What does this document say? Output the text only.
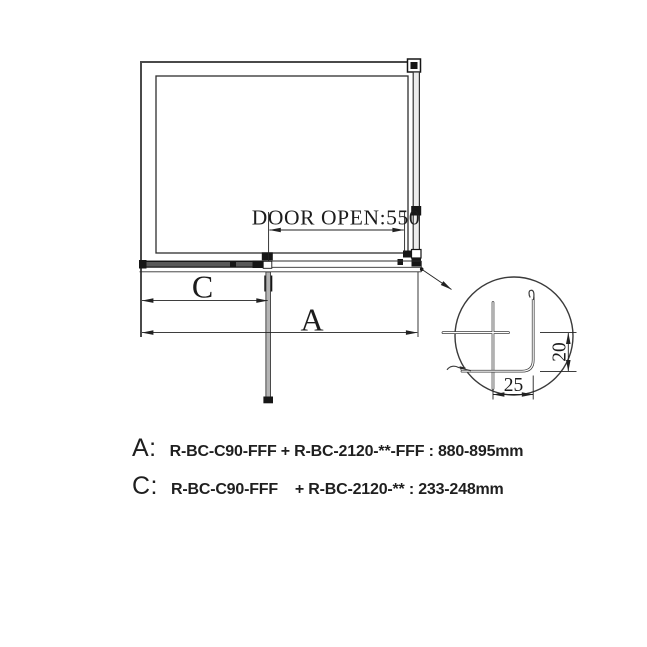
DOOR OPEN:550
C
A
25
20
A: R-BC-C90-FFF + R-BC-2120-**-FFF : 880-895mm
C: R-BC-C90-FFF    + R-BC-2120-** : 233-248mm
